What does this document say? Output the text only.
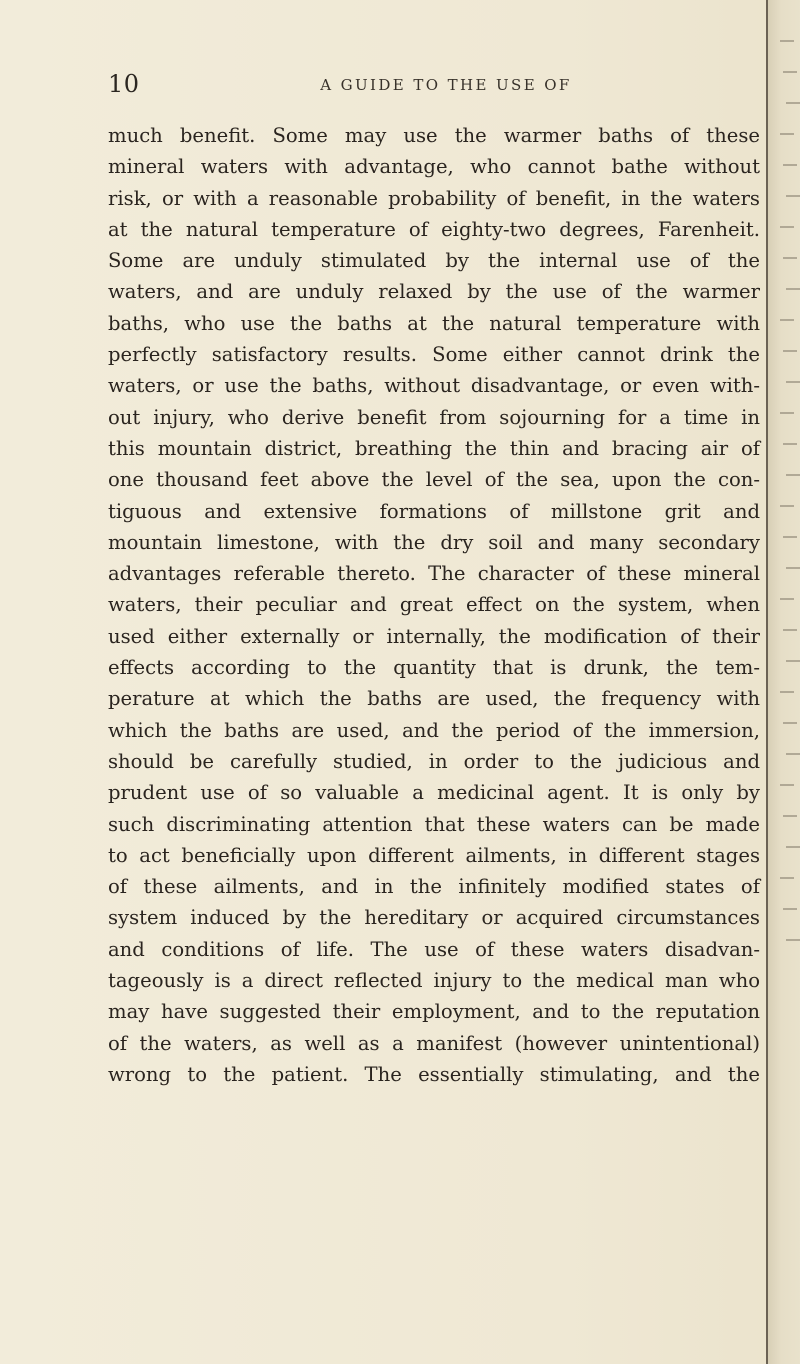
10	A GUIDE TO THE USE OF
much benefit. Some may use the warmer baths of these
mineral waters with advantage, who cannot bathe without
risk, or with a reasonable probability of benefit, in the waters
at the natural temperature of eighty-two degrees, Farenheit.
Some are unduly stimulated by the internal use of the
waters, and are unduly relaxed by the use of the warmer
baths, who use the baths at the natural temperature with
perfectly satisfactory results. Some either cannot drink the
waters, or use the baths, without disadvantage, or even with-
out injury, who derive benefit from sojourning for a time in
this mountain district, breathing the thin and bracing air of
one thousand feet above the level of the sea, upon the con-
tiguous and extensive formations of millstone grit and
mountain limestone, with the dry soil and many secondary
advantages referable thereto. The character of these mineral
waters, their peculiar and great effect on the system, when
used either externally or internally, the modification of their
effects according to the quantity that is drunk, the tem-
perature at which the baths are used, the frequency with
which the baths are used, and the period of the immersion,
should be carefully studied, in order to the judicious and
prudent use of so valuable a medicinal agent. It is only by
such discriminating attention that these waters can be made
to act beneficially upon different ailments, in different stages
of these ailments, and in the infinitely modified states of
system induced by the hereditary or acquired circumstances
and conditions of life. The use of these waters disadvan-
tageously is a direct reflected injury to the medical man who
may have suggested their employment, and to the reputation
of the waters, as well as a manifest (however unintentional)
wrong to the patient. The essentially stimulating, and the
